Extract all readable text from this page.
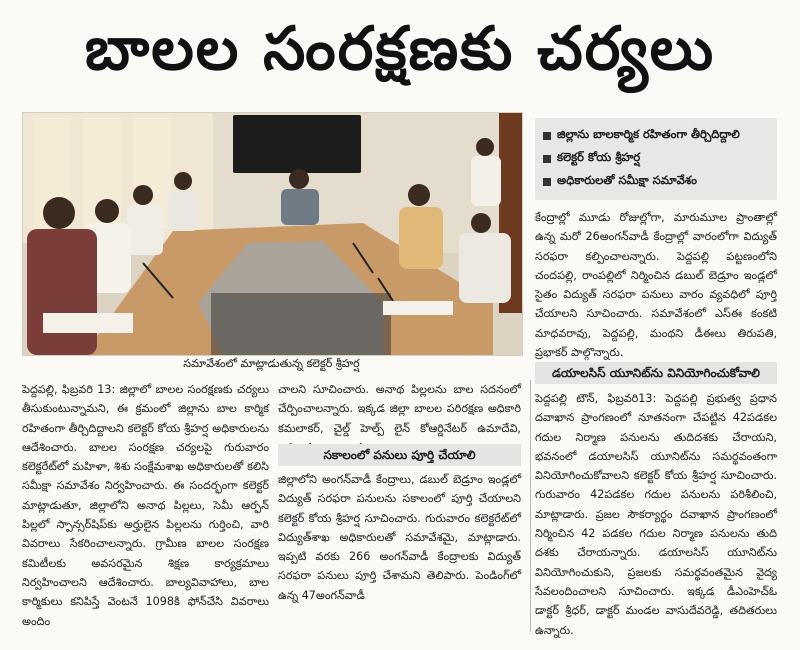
బాలల సంరక్షణకు చర్యలు
సమావేశంలో మాట్లాడుతున్న కలెక్టర్ శ్రీహర్ష
జిల్లాను బాలకార్మిక రహితంగా తీర్చిదిద్దాలి
కలెక్టర్ కోయ శ్రీహర్ష
అధికారులతో సమీక్షా సమావేశం

పెద్దపల్లి, ఫిబ్రవరి 13: జిల్లాలో బాలల సంరక్షణకు చర్యలు తీసుకుంటున్నామని, ఈ క్రమంలో జిల్లాను బాల కార్మిక రహితంగా తీర్చిదిద్దాలని కలెక్టర్ కోయ శ్రీహర్ష అధికారులను ఆదేశించారు. బాలల సంరక్షణ చర్యలపై గురువారం కలెక్టరేట్‌లో మహిళా, శిశు సంక్షేమశాఖ అధికారులతో కలిసి సమీక్షా సమావేశం నిర్వహించారు. ఈ సందర్భంగా కలెక్టర్ మాట్లాడుతూ, జిల్లాలోని అనాథ పిల్లలు, సెమీ ఆర్ఫన్ పిల్లలో స్పాన్సర్‌షిప్‌కు అర్హులైన పిల్లలను గుర్తించి, వారి వివరాలు సేకరించాలన్నారు. గ్రామీణ బాలల సంరక్షణ కమిటీలకు అవసరమైన శిక్షణ కార్యక్రమాలు నిర్వహించాలని ఆదేశించారు. బాల్యవివాహాలు, బాల కార్మికులు కనిపిస్తే వెంటనే 1098కి ఫోన్‌చేసి వివరాలు అందిం

చాలని సూచించారు. అనాథ పిల్లలను బాల సదనంలో చేర్పించాలన్నారు. ఇక్కడ జిల్లా బాలల పరిరక్షణ అధికారి కమలాకర్, చైల్డ్ హెల్ప్ లైన్ కోఆర్డినేటర్ ఉమాదేవి,

సకాలంలో పనులు పూర్తి చేయాలి

జిల్లాలోని అంగన్‌వాడీ కేంద్రాలు, డబుల్ బెడ్రూం ఇండ్లలో విద్యుత్ సరఫరా పనులను సకాలంలో పూర్తి చేయాలని కలెక్టర్ కోయ శ్రీహర్ష సూచించారు. గురువారం కలెక్టరేట్‌లో విద్యుత్‌శాఖ అధికారులతో సమావేశమై, మాట్లాడారు. ఇప్పటి వరకు 266 అంగన్‌వాడీ కేంద్రాలకు విద్యుత్ సరఫరా పనులు పూర్తి చేశామని తెలిపారు. పెండింగ్‌లో ఉన్న 47అంగన్‌వాడీ

కేంద్రాల్లో మూడు రోజుల్లోగా, మారుమూల ప్రాంతాల్లో ఉన్న మరో 26అంగన్‌వాడీ కేంద్రాల్లో వారంలోగా విద్యుత్ సరఫరా కల్పించాలన్నారు. పెద్దపల్లి పట్టణంలోని చందపల్లి, రాంపల్లిలో నిర్మించిన డబుల్ బెడ్రూం ఇండ్లలో సైతం విద్యుత్ సరఫరా పనులు వారం వ్యవధిలో పూర్తి చేయాలని సూచించారు. సమావేశంలో ఎస్ఈ కంకటి మాధవరావు, పెద్దపల్లి, మంథని డీఈలు తిరుపతి, ప్రభాకర్ పాల్గొన్నారు.

డయాలసిస్ యూనిట్‌ను వినియోగించుకోవాలి

పెద్దపల్లి టౌన్, ఫిబ్రవరి13: పెద్దపల్లి ప్రభుత్వ ప్రధాన దవాఖాన ప్రాంగణంలో నూతనంగా చేపట్టిన 42పడకల గదుల నిర్మాణ పనులను తుదిదశకు చేరాయని, భవనంలో డయాలసిస్ యూనిట్‌ను సమర్థవంతంగా వినియోగించుకోవాలని కలెక్టర్ కోయ శ్రీహర్ష సూచించారు. గురువారం 42పడకల గదుల పనులను పరిశీలించి, మాట్లాడారు. ప్రజల సౌకర్యార్థం దవాఖాన ప్రాంగణంలో నిర్మించిన 42 పడకల గదుల నిర్మాణ పనులను తుది దశకు చేరాయన్నారు. డయాలసిస్ యూనిట్‌ను వినియోగించుకుని, ప్రజలకు సమర్థవంతమైన వైద్య సేవలందించాలని సూచించారు. ఇక్కడ డీఎంహెచ్ఓ డాక్టర్ శ్రీధర్, డాక్టర్ మండల వాసుదేవరెడ్డి, తదితరులు ఉన్నారు.
